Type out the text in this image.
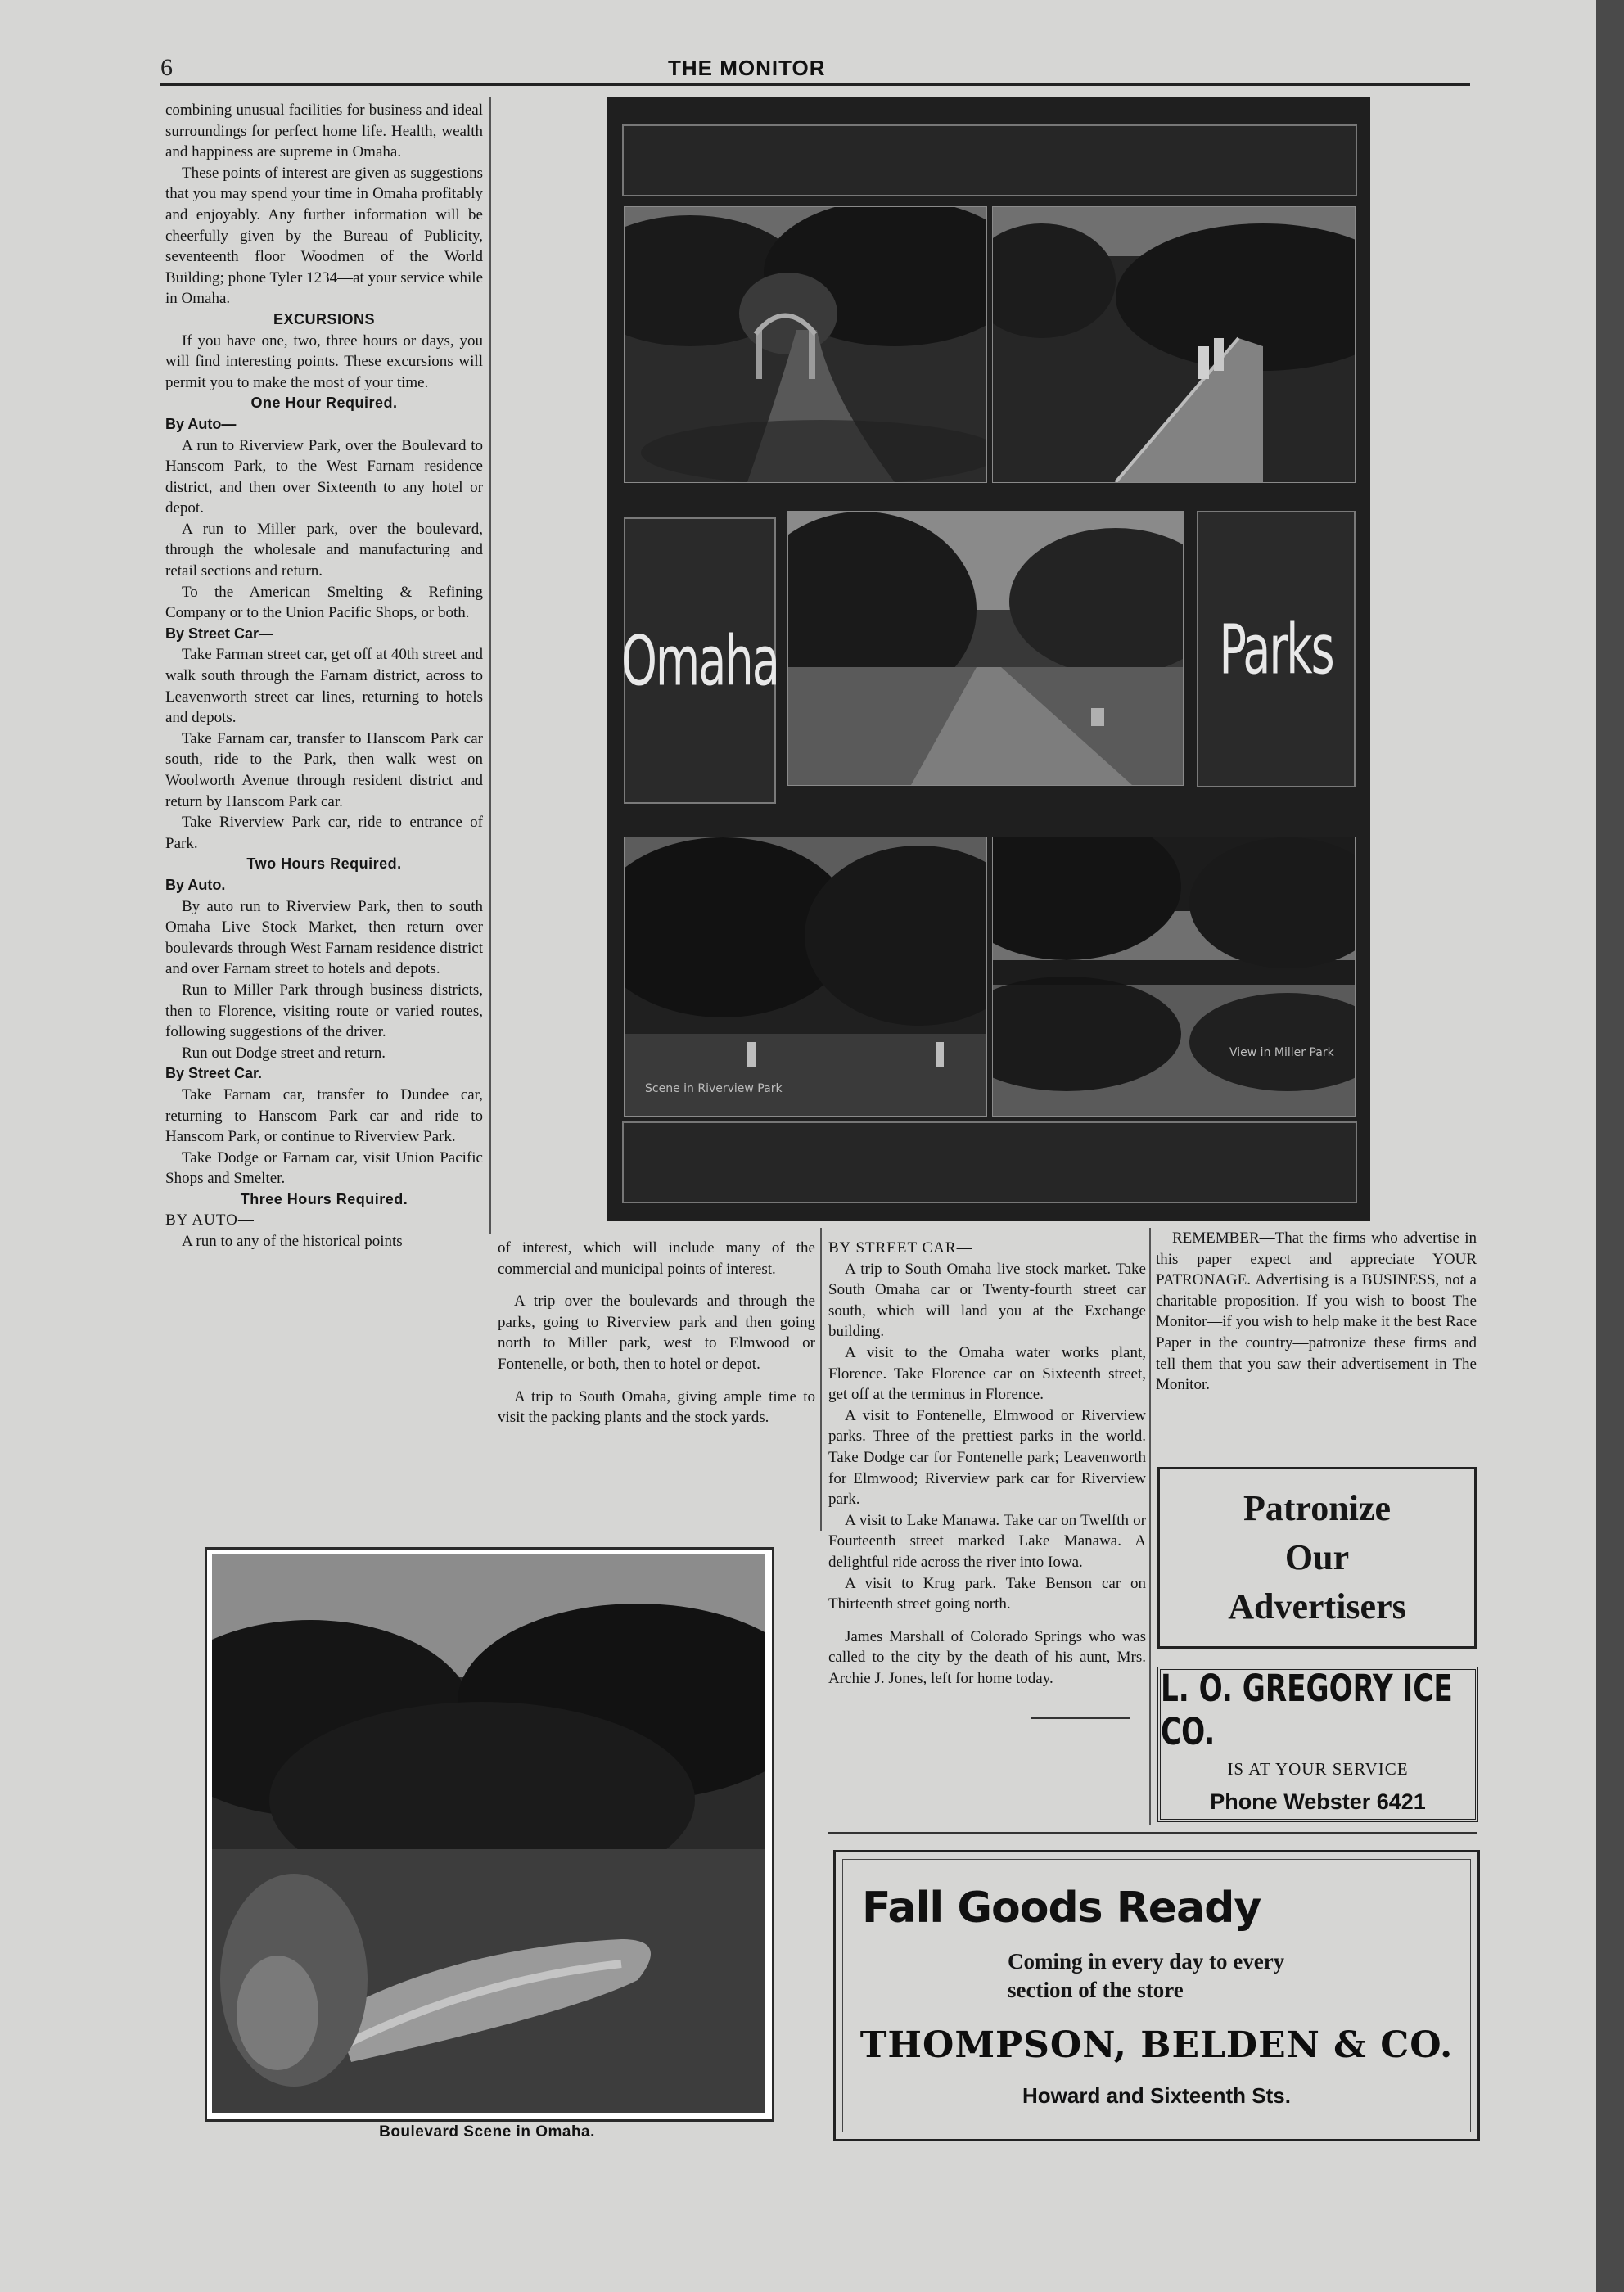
6	THE MONITOR

combining unusual facilities for business and ideal surroundings for perfect home life. Health, wealth and happiness are supreme in Omaha.

These points of interest are given as suggestions that you may spend your time in Omaha profitably and enjoyably. Any further information will be cheerfully given by the Bureau of Publicity, seventeenth floor Woodmen of the World Building; phone Tyler 1234—at your service while in Omaha.

EXCURSIONS

If you have one, two, three hours or days, you will find interesting points. These excursions will permit you to make the most of your time.

One Hour Required.

By Auto—

A run to Riverview Park, over the Boulevard to Hanscom Park, to the West Farnam residence district, and then over Sixteenth to any hotel or depot.

A run to Miller park, over the boulevard, through the wholesale and manufacturing and retail sections and return.

To the American Smelting & Refining Company or to the Union Pacific Shops, or both.

By Street Car—

Take Farman street car, get off at 40th street and walk south through the Farnam district, across to Leavenworth street car lines, returning to hotels and depots.

Take Farnam car, transfer to Hanscom Park car south, ride to the Park, then walk west on Woolworth Avenue through resident district and return by Hanscom Park car.

Take Riverview Park car, ride to entrance of Park.

Two Hours Required.

By Auto.

By auto run to Riverview Park, then to south Omaha Live Stock Market, then return over boulevards through West Farnam residence district and over Farnam street to hotels and depots.

Run to Miller Park through business districts, then to Florence, visiting route or varied routes, following suggestions of the driver.

Run out Dodge street and return.

By Street Car.

Take Farnam car, transfer to Dundee car, returning to Hanscom Park car and ride to Hanscom Park, or continue to Riverview Park.

Take Dodge or Farnam car, visit Union Pacific Shops and Smelter.

Three Hours Required.

BY AUTO—

A run to any of the historical points

Omaha	Parks
Scene in Riverview Park
View in Miller Park

of interest, which will include many of the commercial and municipal points of interest.

A trip over the boulevards and through the parks, going to Riverview park and then going north to Miller park, west to Elmwood or Fontenelle, or both, then to hotel or depot.

A trip to South Omaha, giving ample time to visit the packing plants and the stock yards.

BY STREET CAR—

A trip to South Omaha live stock market. Take South Omaha car or Twenty-fourth street car south, which will land you at the Exchange building.

A visit to the Omaha water works plant, Florence. Take Florence car on Sixteenth street, get off at the terminus in Florence.

A visit to Fontenelle, Elmwood or Riverview parks. Three of the prettiest parks in the world. Take Dodge car for Fontenelle park; Leavenworth for Elmwood; Riverview park car for Riverview park.

A visit to Lake Manawa. Take car on Twelfth or Fourteenth street marked Lake Manawa. A delightful ride across the river into Iowa.

A visit to Krug park. Take Benson car on Thirteenth street going north.

James Marshall of Colorado Springs who was called to the city by the death of his aunt, Mrs. Archie J. Jones, left for home today.

REMEMBER—That the firms who advertise in this paper expect and appreciate YOUR PATRONAGE. Advertising is a BUSINESS, not a charitable proposition. If you wish to boost The Monitor—if you wish to help make it the best Race Paper in the country—patronize these firms and tell them that you saw their advertisement in The Monitor.

Boulevard Scene in Omaha.
Patronize
Our
Advertisers
L. O. GREGORY ICE CO.
IS AT YOUR SERVICE
Phone Webster 6421
Fall Goods Ready
Coming in every day to every
section of the store
THOMPSON, BELDEN & CO.
Howard and Sixteenth Sts.
